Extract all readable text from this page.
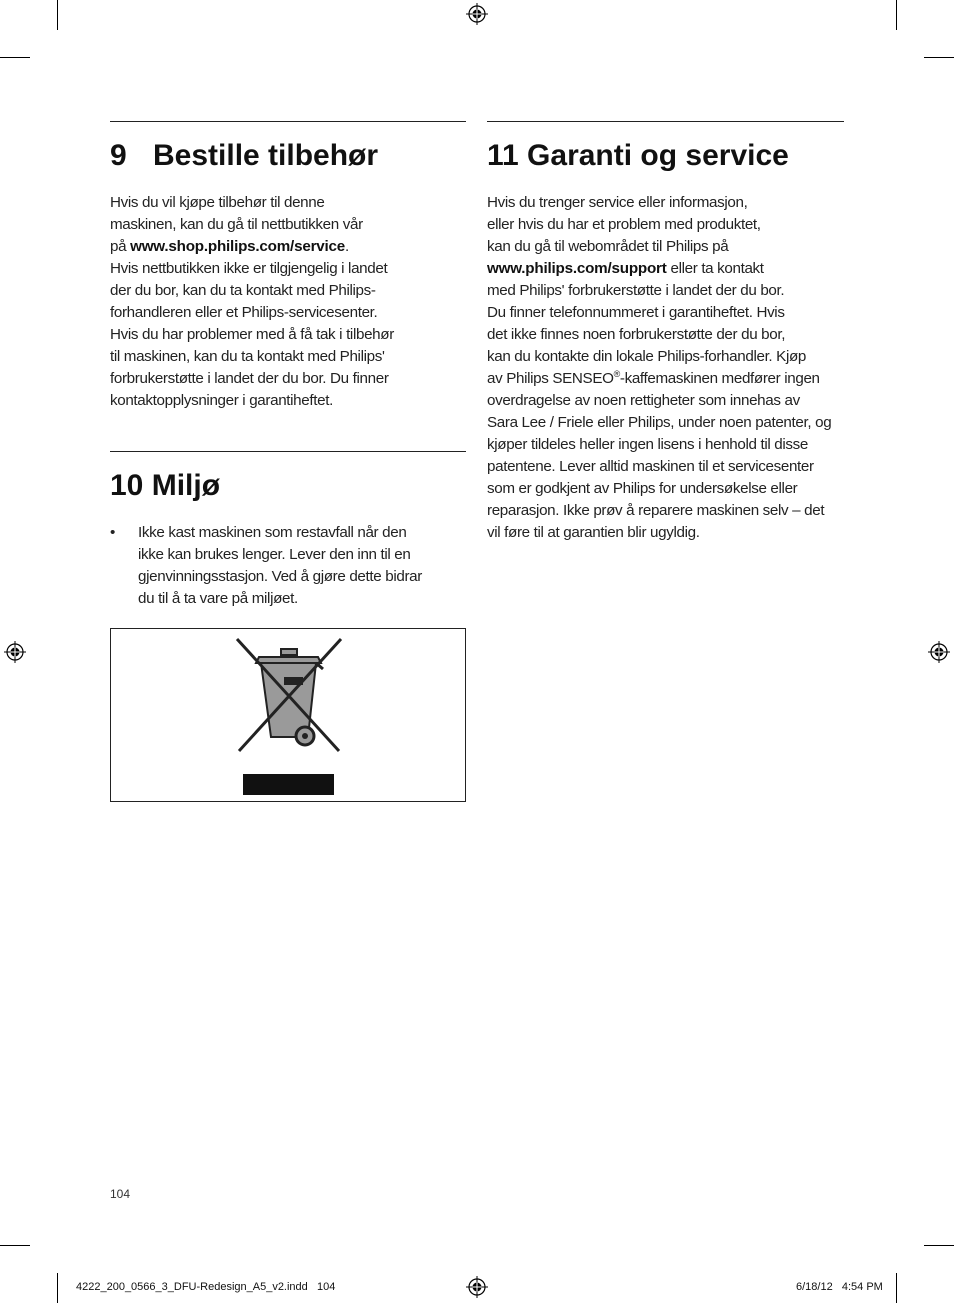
9 Bestille tilbehør

Hvis du vil kjøpe tilbehør til denne
maskinen, kan du gå til nettbutikken vår
på www.shop.philips.com/service.
Hvis nettbutikken ikke er tilgjengelig i landet
der du bor, kan du ta kontakt med Philips-
forhandleren eller et Philips-servicesenter.
Hvis du har problemer med å få tak i tilbehør
til maskinen, kan du ta kontakt med Philips'
forbrukerstøtte i landet der du bor. Du finner
kontaktopplysninger i garantiheftet.

10 Miljø
• Ikke kast maskinen som restavfall når den
ikke kan brukes lenger. Lever den inn til en
gjenvinningsstasjon. Ved å gjøre dette bidrar
du til å ta vare på miljøet.
11 Garanti og service

Hvis du trenger service eller informasjon,
eller hvis du har et problem med produktet,
kan du gå til webområdet til Philips på
www.philips.com/support eller ta kontakt
med Philips' forbrukerstøtte i landet der du bor.
Du finner telefonnummeret i garantiheftet. Hvis
det ikke finnes noen forbrukerstøtte der du bor,
kan du kontakte din lokale Philips-forhandler. Kjøp
av Philips SENSEO®-kaffemaskinen medfører ingen
overdragelse av noen rettigheter som innehas av
Sara Lee / Friele eller Philips, under noen patenter, og
kjøper tildeles heller ingen lisens i henhold til disse
patentene. Lever alltid maskinen til et servicesenter
som er godkjent av Philips for undersøkelse eller
reparasjon. Ikke prøv å reparere maskinen selv – det
vil føre til at garantien blir ugyldig.

104
4222_200_0566_3_DFU-Redesign_A5_v2.indd   104	6/18/12   4:54 PM
